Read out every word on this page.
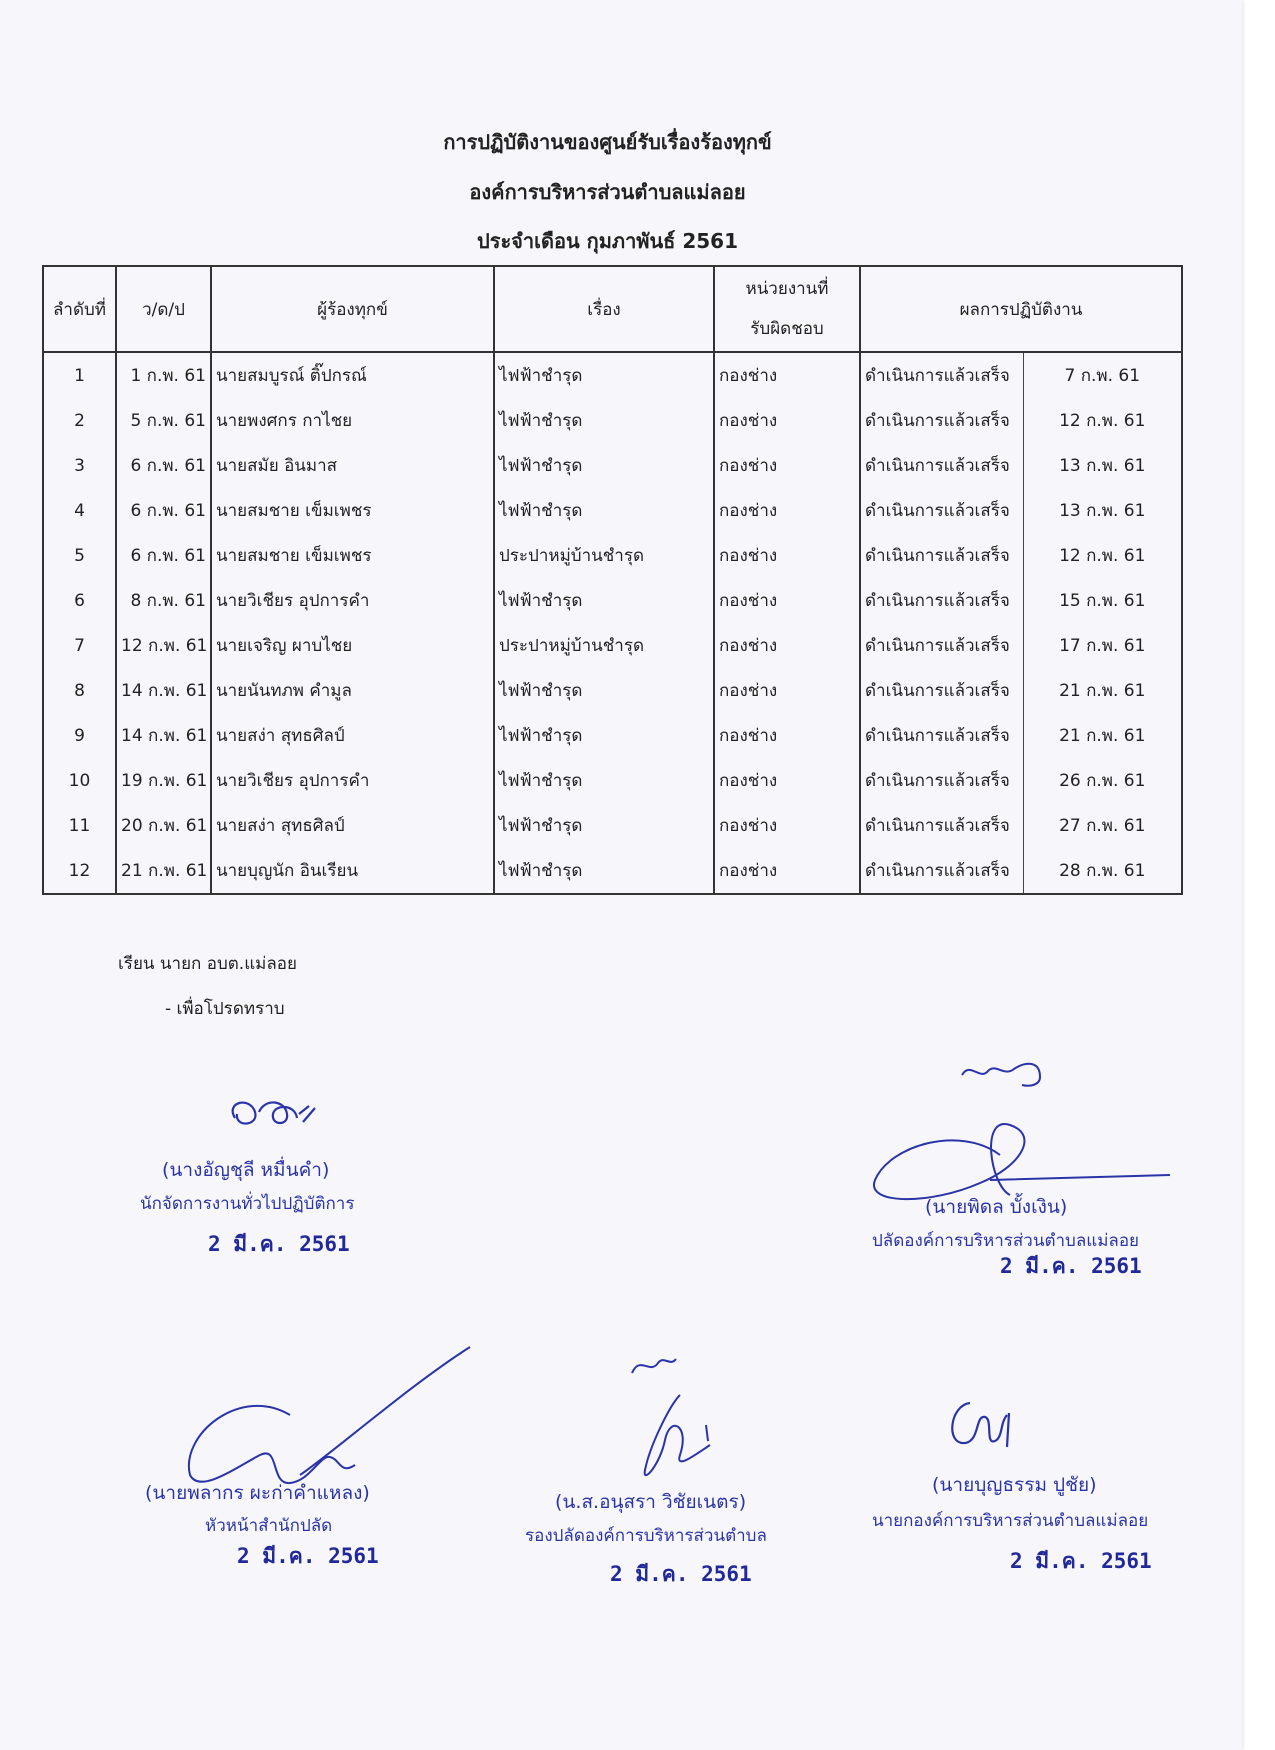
การปฏิบัติงานของศูนย์รับเรื่องร้องทุกข์
องค์การบริหารส่วนตำบลแม่ลอย
ประจำเดือน กุมภาพันธ์ 2561
ลำดับที่	ว/ด/ป	ผู้ร้องทุกข์	เรื่อง	หน่วยงานที่
รับผิดชอบ	ผลการปฏิบัติงาน	
1	1 ก.พ. 61	นายสมบูรณ์ ติ๊ปกรณ์	ไฟฟ้าชำรุด	กองช่าง	ดำเนินการแล้วเสร็จ	7 ก.พ. 61
2	5 ก.พ. 61	นายพงศกร กาไชย	ไฟฟ้าชำรุด	กองช่าง	ดำเนินการแล้วเสร็จ	12 ก.พ. 61
3	6 ก.พ. 61	นายสมัย อินมาส	ไฟฟ้าชำรุด	กองช่าง	ดำเนินการแล้วเสร็จ	13 ก.พ. 61
4	6 ก.พ. 61	นายสมชาย เข็มเพชร	ไฟฟ้าชำรุด	กองช่าง	ดำเนินการแล้วเสร็จ	13 ก.พ. 61
5	6 ก.พ. 61	นายสมชาย เข็มเพชร	ประปาหมู่บ้านชำรุด	กองช่าง	ดำเนินการแล้วเสร็จ	12 ก.พ. 61
6	8 ก.พ. 61	นายวิเชียร อุปการคำ	ไฟฟ้าชำรุด	กองช่าง	ดำเนินการแล้วเสร็จ	15 ก.พ. 61
7	12 ก.พ. 61	นายเจริญ ผาบไชย	ประปาหมู่บ้านชำรุด	กองช่าง	ดำเนินการแล้วเสร็จ	17 ก.พ. 61
8	14 ก.พ. 61	นายนันทภพ คำมูล	ไฟฟ้าชำรุด	กองช่าง	ดำเนินการแล้วเสร็จ	21 ก.พ. 61
9	14 ก.พ. 61	นายสง่า สุทธศิลป์	ไฟฟ้าชำรุด	กองช่าง	ดำเนินการแล้วเสร็จ	21 ก.พ. 61
10	19 ก.พ. 61	นายวิเชียร อุปการคำ	ไฟฟ้าชำรุด	กองช่าง	ดำเนินการแล้วเสร็จ	26 ก.พ. 61
11	20 ก.พ. 61	นายสง่า สุทธศิลป์	ไฟฟ้าชำรุด	กองช่าง	ดำเนินการแล้วเสร็จ	27 ก.พ. 61
12	21 ก.พ. 61	นายบุญนัก อินเรียน	ไฟฟ้าชำรุด	กองช่าง	ดำเนินการแล้วเสร็จ	28 ก.พ. 61
เรียน นายก อบต.แม่ลอย
- เพื่อโปรดทราบ
(นางอัญชุลี หมื่นคำ)
นักจัดการงานทั่วไปปฏิบัติการ
2 มี.ค. 2561
(นายพิดล บั้งเงิน)
ปลัดองค์การบริหารส่วนตำบลแม่ลอย
2 มี.ค. 2561
(นายพลากร ผะก่าคำแหลง)
หัวหน้าสำนักปลัด
2 มี.ค. 2561
(น.ส.อนุสรา วิชัยเนตร)
รองปลัดองค์การบริหารส่วนตำบล
2 มี.ค. 2561
(นายบุญธรรม ปูชัย)
นายกองค์การบริหารส่วนตำบลแม่ลอย
2 มี.ค. 2561
